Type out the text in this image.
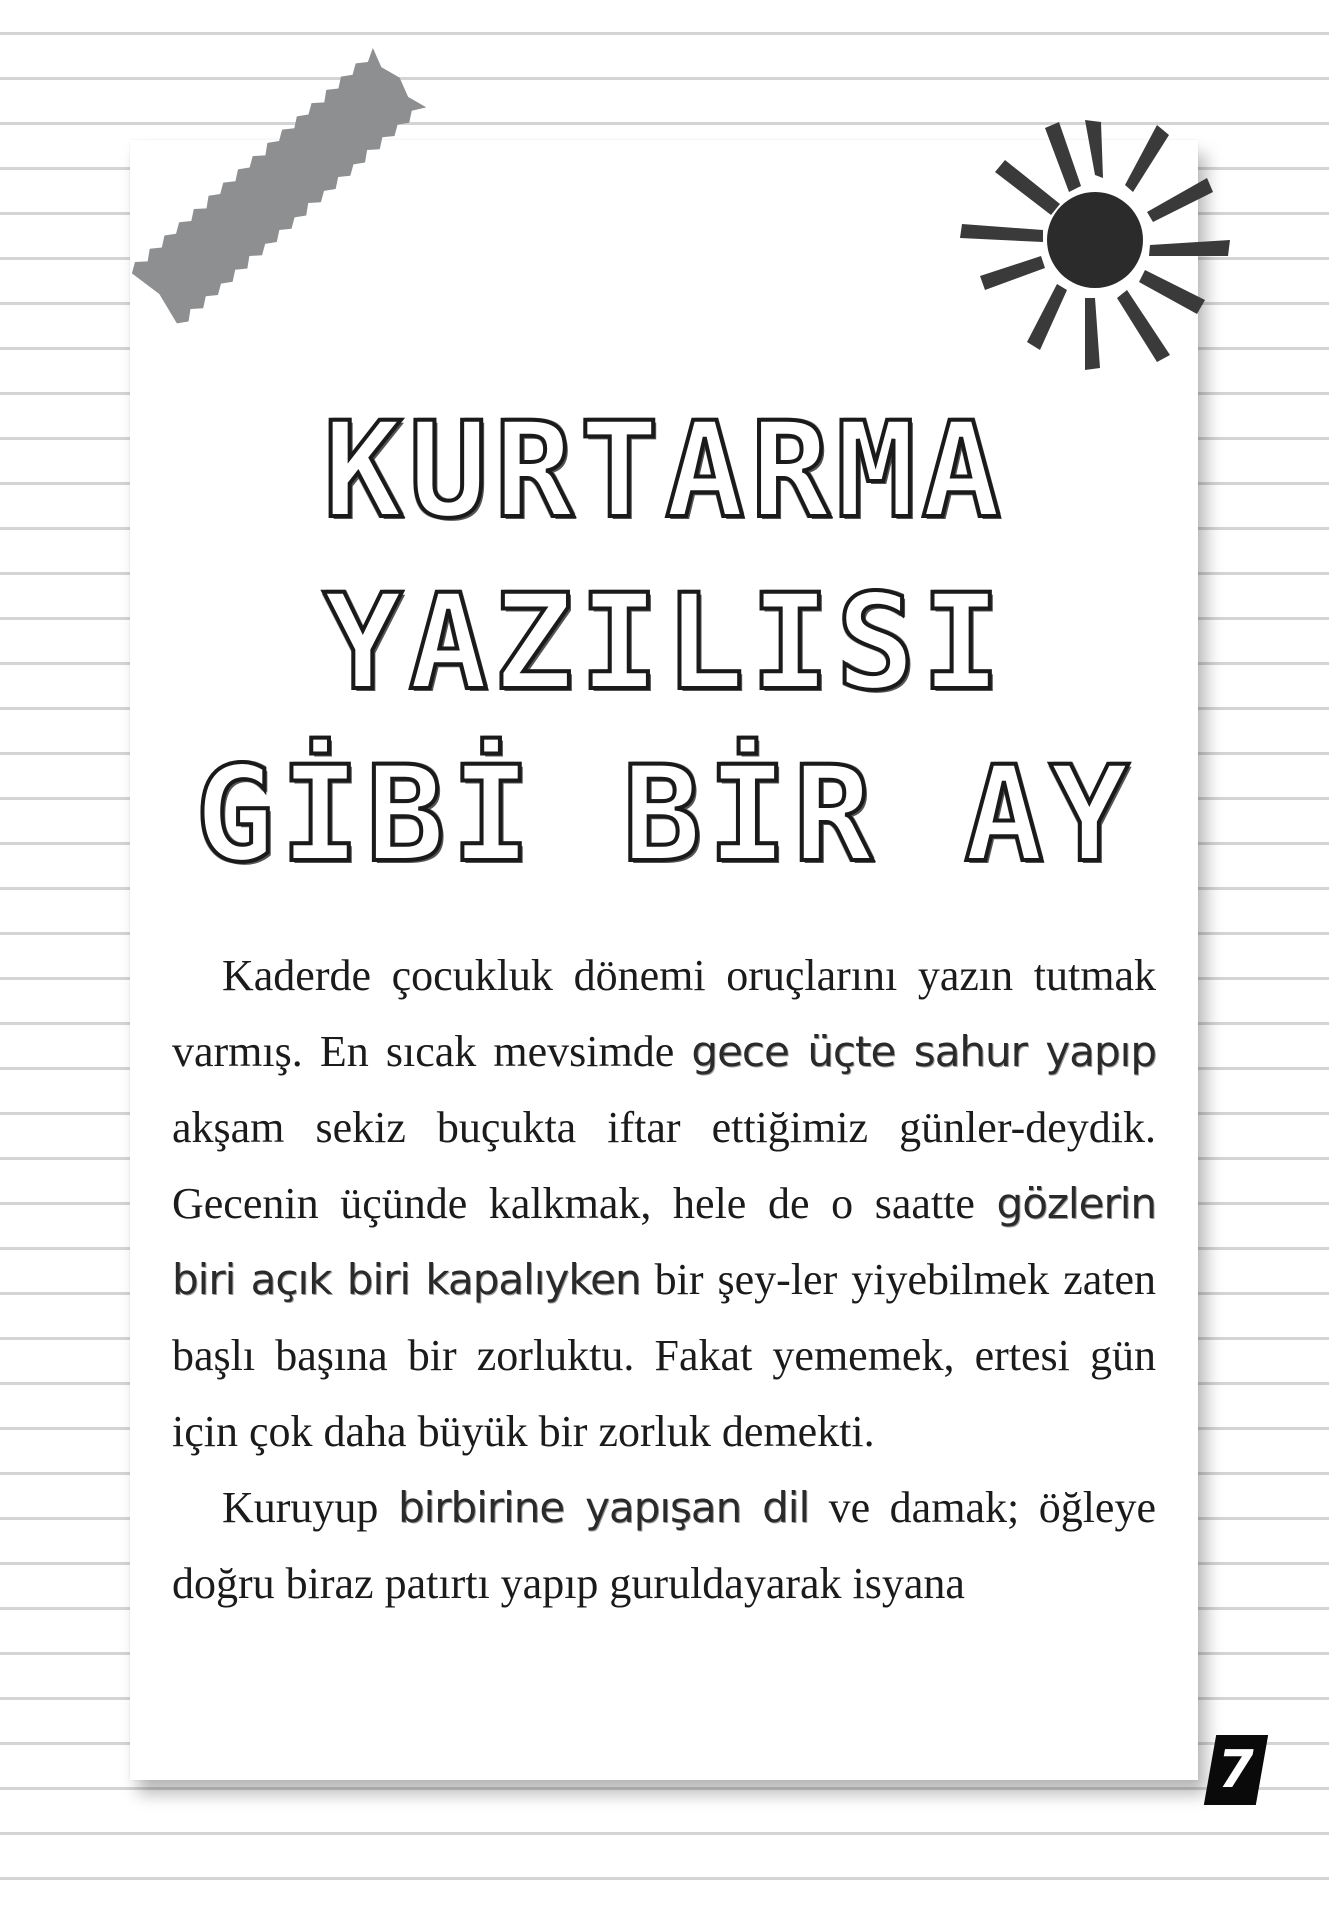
KURTARMA
YAZILISI
GİBİ BİR AY

Kaderde çocukluk dönemi oruçlarını yazın tutmak varmış. En sıcak mevsimde gece üçte sahur yapıp akşam sekiz buçukta iftar ettiğimiz günler-deydik. Gecenin üçünde kalkmak, hele de o saatte gözlerin biri açık biri kapalıyken bir şey-ler yiyebilmek zaten başlı başına bir zorluktu. Fakat yememek, ertesi gün için çok daha büyük bir zorluk demekti.

Kuruyup birbirine yapışan dil ve damak; öğleye doğru biraz patırtı yapıp guruldayarak isyana

7
